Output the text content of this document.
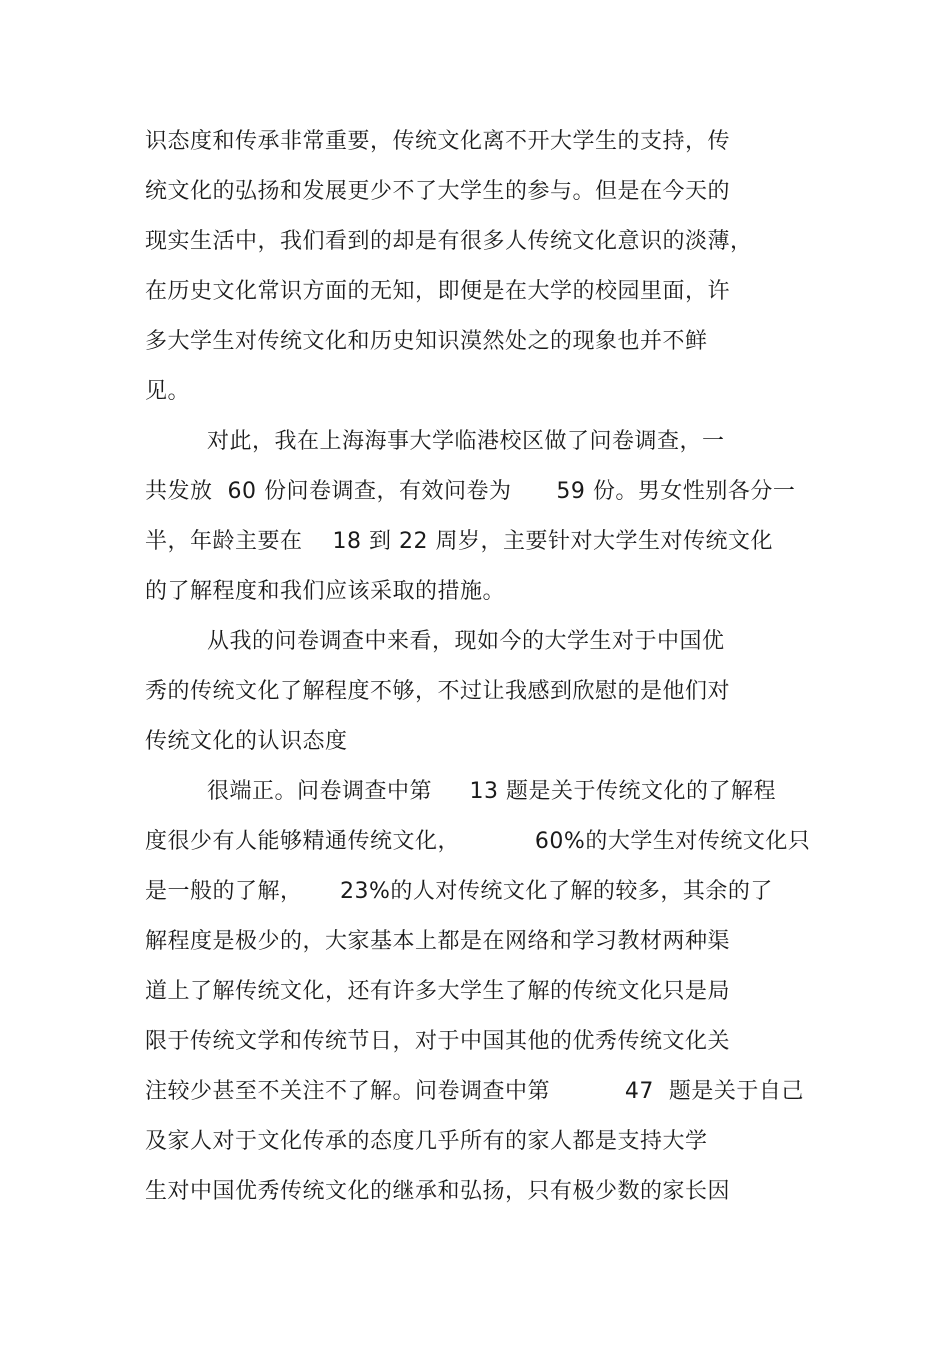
识态度和传承非常重要，传统文化离不开大学生的支持，传
统文化的弘扬和发展更少不了大学生的参与。但是在今天的
现实生活中，我们看到的却是有很多人传统文化意识的淡薄，
在历史文化常识方面的无知，即便是在大学的校园里面，许
多大学生对传统文化和历史知识漠然处之的现象也并不鲜
见。
对此，我在上海海事大学临港校区做了问卷调查，一
共发放  60 份问卷调查，有效问卷为      59 份。男女性别各分一
半，年龄主要在    18 到 22 周岁，主要针对大学生对传统文化
的了解程度和我们应该采取的措施。
从我的问卷调查中来看，现如今的大学生对于中国优
秀的传统文化了解程度不够，不过让我感到欣慰的是他们对
传统文化的认识态度
很端正。问卷调查中第     13 题是关于传统文化的了解程
度很少有人能够精通传统文化，          60%的大学生对传统文化只
是一般的了解，     23%的人对传统文化了解的较多，其余的了
解程度是极少的，大家基本上都是在网络和学习教材两种渠
道上了解传统文化，还有许多大学生了解的传统文化只是局
限于传统文学和传统节日，对于中国其他的优秀传统文化关
注较少甚至不关注不了解。问卷调查中第          47  题是关于自己
及家人对于文化传承的态度几乎所有的家人都是支持大学
生对中国优秀传统文化的继承和弘扬，只有极少数的家长因
